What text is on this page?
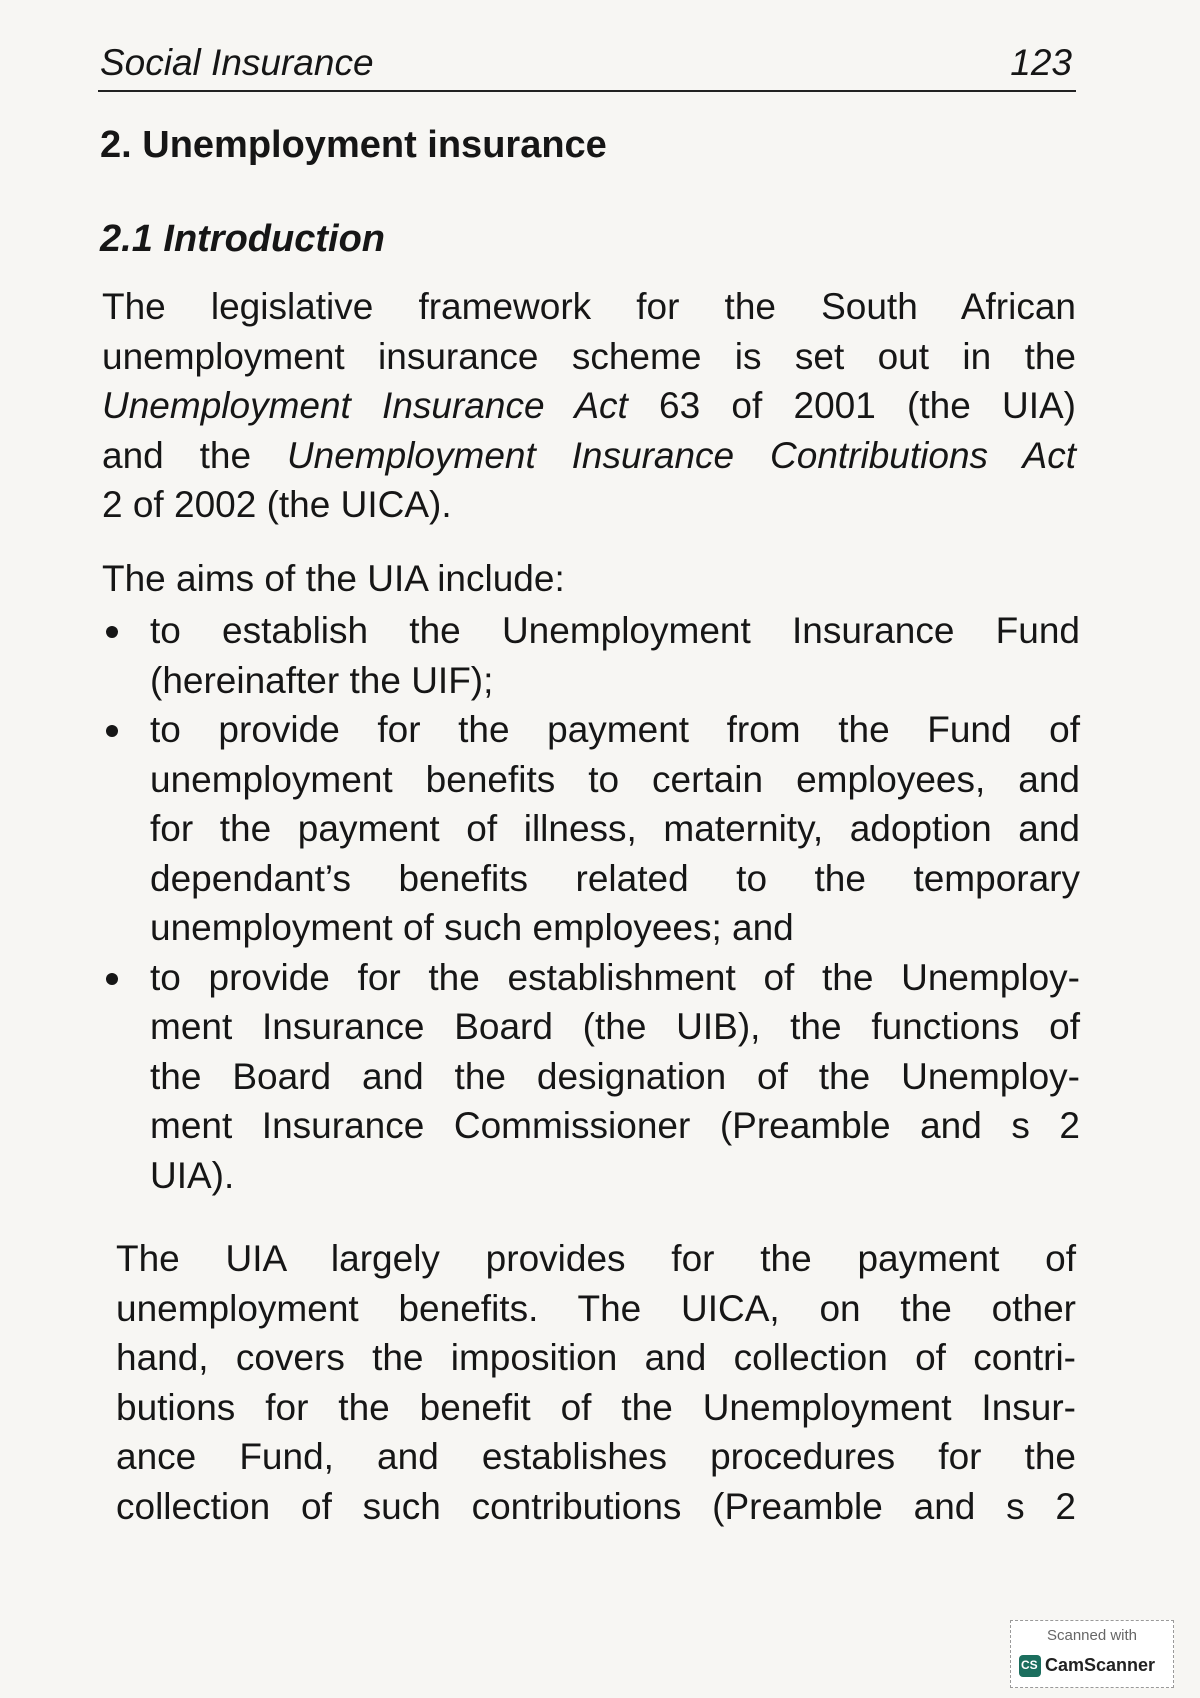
Social Insurance	123
2. Unemployment insurance
2.1 Introduction
The legislative framework for the South African
unemployment insurance scheme is set out in the
Unemployment Insurance Act 63 of 2001 (the UIA)
and the Unemployment Insurance Contributions Act
2 of 2002 (the UICA).
The aims of the UIA include:
to establish the Unemployment Insurance Fund
(hereinafter the UIF);
to provide for the payment from the Fund of
unemployment benefits to certain employees, and
for the payment of illness, maternity, adoption and
dependant’s benefits related to the temporary
unemployment of such employees; and
to provide for the establishment of the Unemploy-
ment Insurance Board (the UIB), the functions of
the Board and the designation of the Unemploy-
ment Insurance Commissioner (Preamble and s 2
UIA).
The UIA largely provides for the payment of
unemployment benefits. The UICA, on the other
hand, covers the imposition and collection of contri-
butions for the benefit of the Unemployment Insur-
ance Fund, and establishes procedures for the
collection of such contributions (Preamble and s 2
Scanned with
CS
CamScanner
